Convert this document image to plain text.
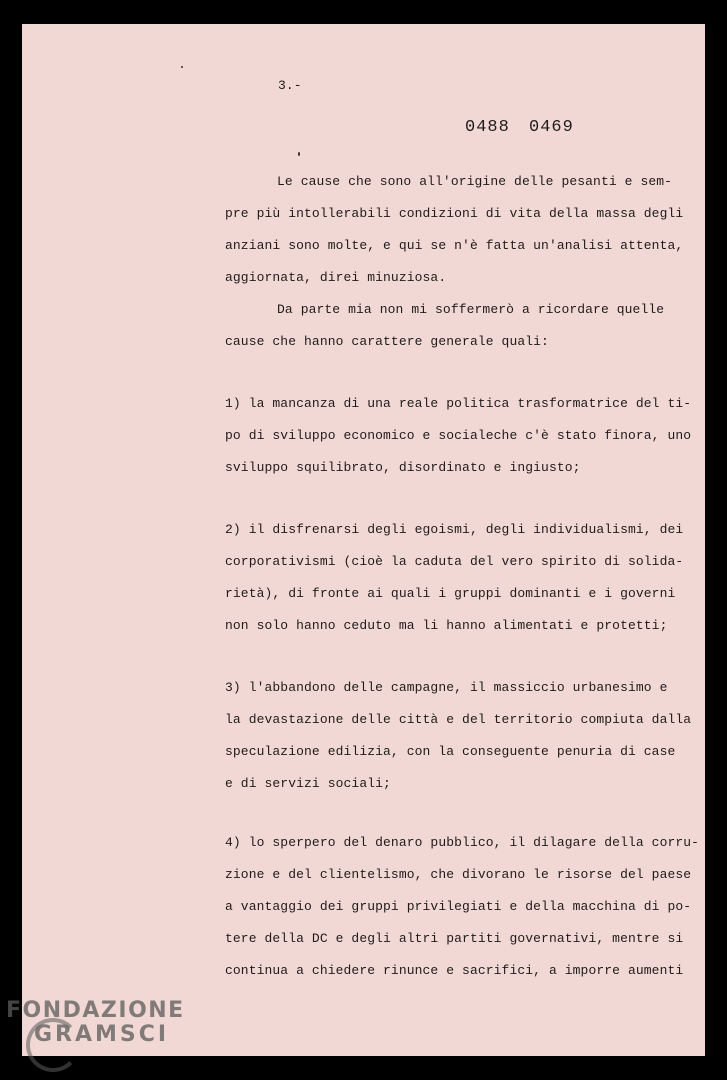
3.-
0488 0469
Le cause che sono all'origine delle pesanti e sem-
pre più intollerabili condizioni di vita della massa degli
anziani sono molte, e qui se n'è fatta un'analisi attenta,
aggiornata, direi minuziosa.
Da parte mia non mi soffermerò a ricordare quelle
cause che hanno carattere generale quali:
1) la mancanza di una reale politica trasformatrice del ti-
po di sviluppo economico e socialeche c'è stato finora, uno
sviluppo squilibrato, disordinato e ingiusto;
2) il disfrenarsi degli egoismi, degli individualismi, dei
corporativismi (cioè la caduta del vero spirito di solida-
rietà), di fronte ai quali i gruppi dominanti e i governi
non solo hanno ceduto ma li hanno alimentati e protetti;
3) l'abbandono delle campagne, il massiccio urbanesimo e
la devastazione delle città e del territorio compiuta dalla
speculazione edilizia, con la conseguente penuria di case
e di servizi sociali;
4) lo sperpero del denaro pubblico, il dilagare della corru-
zione e del clientelismo, che divorano le risorse del paese
a vantaggio dei gruppi privilegiati e della macchina di po-
tere della DC e degli altri partiti governativi, mentre si
continua a chiedere rinunce e sacrifici, a imporre aumenti
FONDAZIONE
GRAMSCI
